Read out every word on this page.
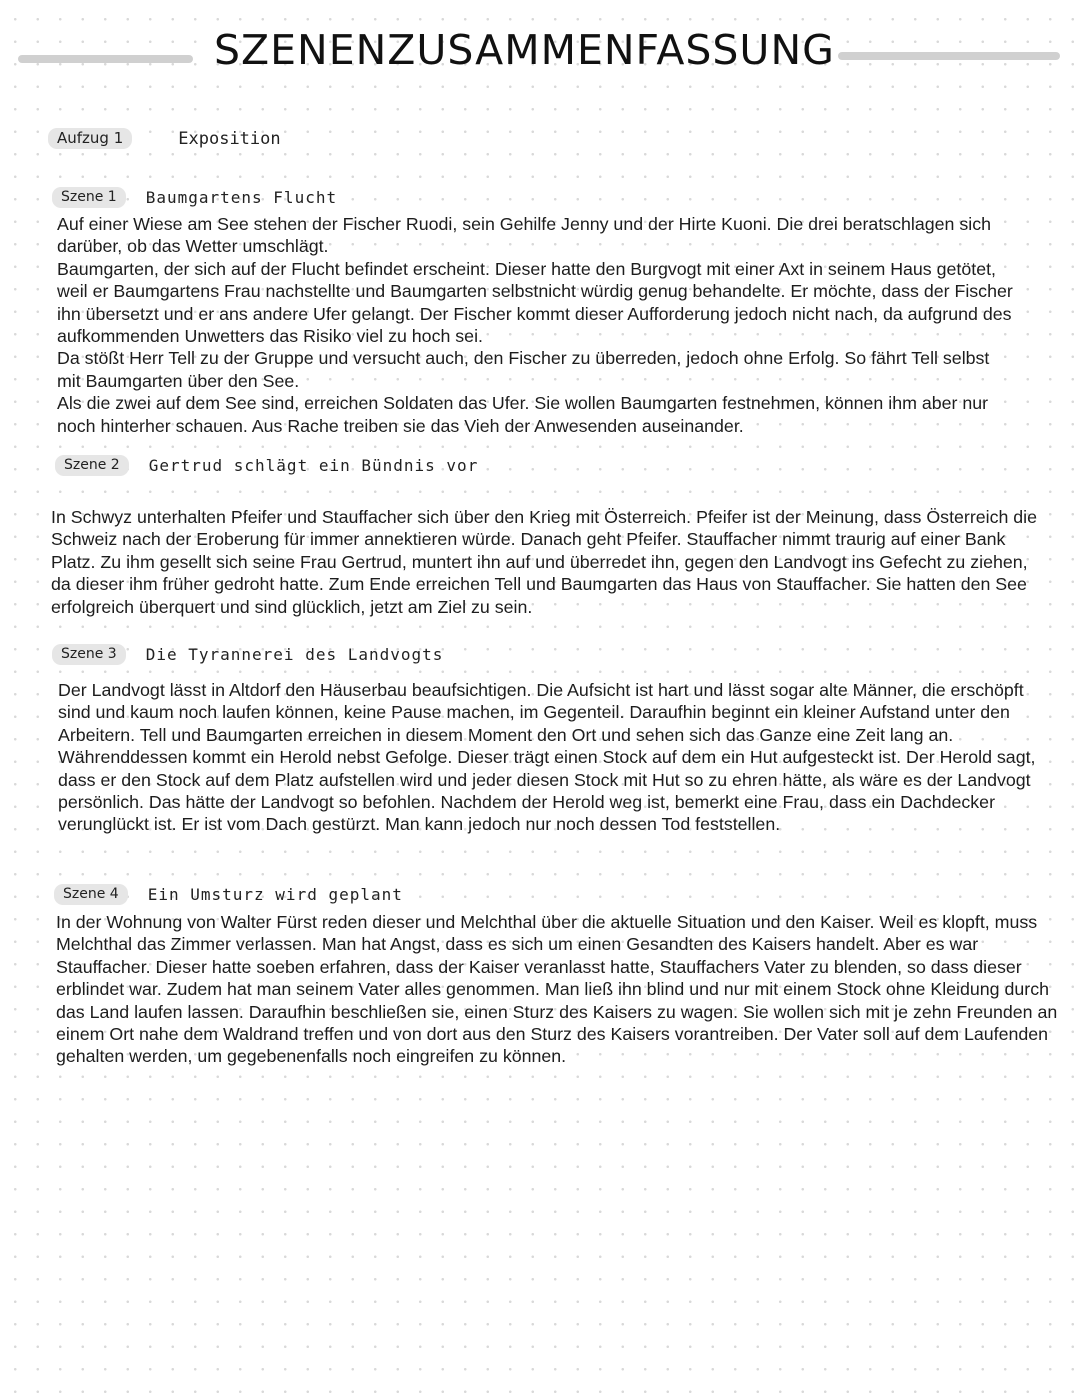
SZENENZUSAMMENFASSUNG
Aufzug 1	Exposition
Szene 1	Baumgartens Flucht

Auf einer Wiese am See stehen der Fischer Ruodi, sein Gehilfe Jenny und der Hirte Kuoni. Die drei beratschlagen sich darüber, ob das Wetter umschlägt.
Baumgarten, der sich auf der Flucht befindet erscheint. Dieser hatte den Burgvogt mit einer Axt in seinem Haus getötet, weil er Baumgartens Frau nachstellte und Baumgarten selbstnicht würdig genug behandelte. Er möchte, dass der Fischer ihn übersetzt und er ans andere Ufer gelangt. Der Fischer kommt dieser Aufforderung jedoch nicht nach, da aufgrund des aufkommenden Unwetters das Risiko viel zu hoch sei.
Da stößt Herr Tell zu der Gruppe und versucht auch, den Fischer zu überreden, jedoch ohne Erfolg. So fährt Tell selbst mit Baumgarten über den See.
Als die zwei auf dem See sind, erreichen Soldaten das Ufer. Sie wollen Baumgarten festnehmen, können ihm aber nur noch hinterher schauen. Aus Rache treiben sie das Vieh der Anwesenden auseinander.

Szene 2	Gertrud schlägt ein Bündnis vor

In Schwyz unterhalten Pfeifer und Stauffacher sich über den Krieg mit Österreich. Pfeifer ist der Meinung, dass Österreich die Schweiz nach der Eroberung für immer annektieren würde. Danach geht Pfeifer. Stauffacher nimmt traurig auf einer Bank Platz. Zu ihm gesellt sich seine Frau Gertrud, muntert ihn auf und überredet ihn, gegen den Landvogt ins Gefecht zu ziehen, da dieser ihm früher gedroht hatte. Zum Ende erreichen Tell und Baumgarten das Haus von Stauffacher. Sie hatten den See erfolgreich überquert und sind glücklich, jetzt am Ziel zu sein.

Szene 3	Die Tyrannerei des Landvogts

Der Landvogt lässt in Altdorf den Häuserbau beaufsichtigen. Die Aufsicht ist hart und lässt sogar alte Männer, die erschöpft sind und kaum noch laufen können, keine Pause machen, im Gegenteil. Daraufhin beginnt ein kleiner Aufstand unter den Arbeitern. Tell und Baumgarten erreichen in diesem Moment den Ort und sehen sich das Ganze eine Zeit lang an. Währenddessen kommt ein Herold nebst Gefolge. Dieser trägt einen Stock auf dem ein Hut aufgesteckt ist. Der Herold sagt, dass er den Stock auf dem Platz aufstellen wird und jeder diesen Stock mit Hut so zu ehren hätte, als wäre es der Landvogt persönlich. Das hätte der Landvogt so befohlen. Nachdem der Herold weg ist, bemerkt eine Frau, dass ein Dachdecker verunglückt ist. Er ist vom Dach gestürzt. Man kann jedoch nur noch dessen Tod feststellen.

Szene 4	Ein Umsturz wird geplant

In der Wohnung von Walter Fürst reden dieser und Melchthal über die aktuelle Situation und den Kaiser. Weil es klopft, muss Melchthal das Zimmer verlassen. Man hat Angst, dass es sich um einen Gesandten des Kaisers handelt. Aber es war Stauffacher. Dieser hatte soeben erfahren, dass der Kaiser veranlasst hatte, Stauffachers Vater zu blenden, so dass dieser erblindet war. Zudem hat man seinem Vater alles genommen. Man ließ ihn blind und nur mit einem Stock ohne Kleidung durch das Land laufen lassen. Daraufhin beschließen sie, einen Sturz des Kaisers zu wagen. Sie wollen sich mit je zehn Freunden an einem Ort nahe dem Waldrand treffen und von dort aus den Sturz des Kaisers vorantreiben. Der Vater soll auf dem Laufenden gehalten werden, um gegebenenfalls noch eingreifen zu können.
